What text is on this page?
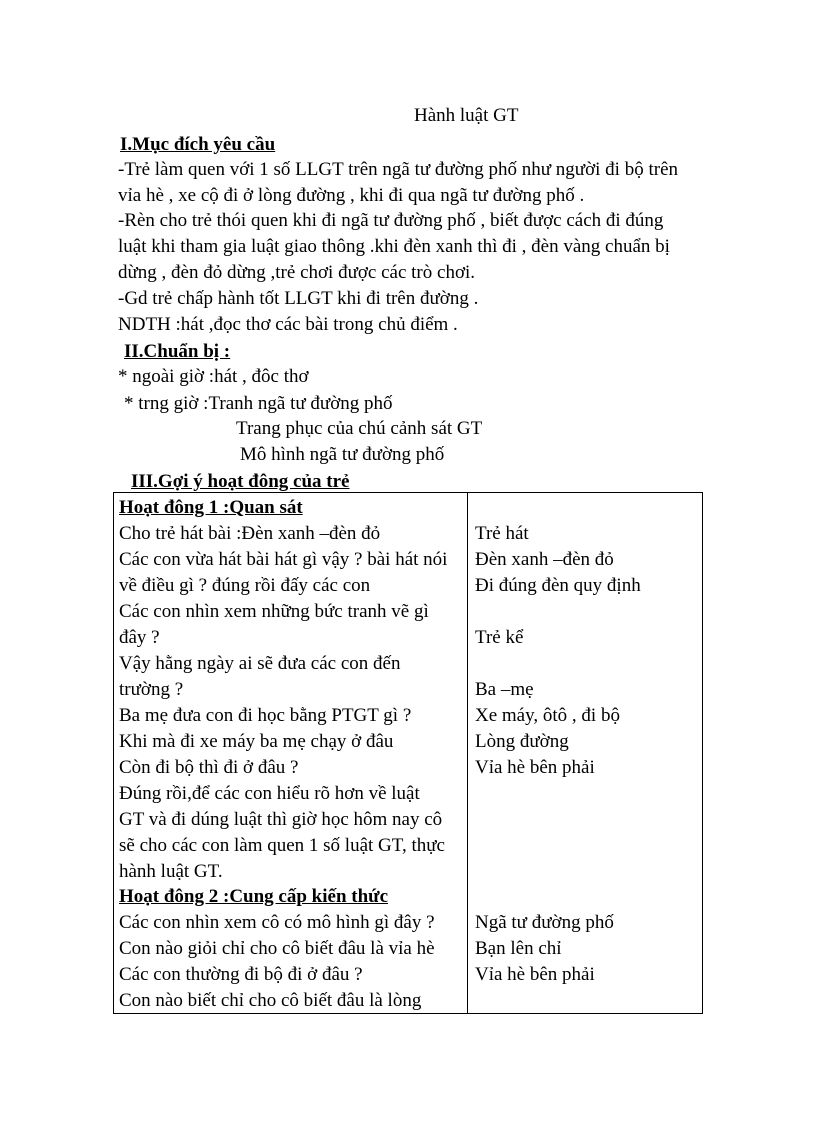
Hành luật GT
I.Mục đích yêu cầu
-Trẻ làm quen với 1 số LLGT trên ngã tư đường phố như người đi bộ trên
vỉa hè , xe cộ đi ở lòng đường , khi đi qua ngã tư đường phố .
-Rèn cho trẻ thói quen khi đi ngã tư đường phố , biết được cách đi đúng
luật khi tham gia luật giao thông .khi đèn xanh thì đi , đèn vàng chuẩn bị
dừng , đèn đỏ dừng ,trẻ chơi được các trò chơi.
-Gd trẻ chấp hành tốt LLGT khi đi trên đường .
NDTH :hát ,đọc thơ các bài trong chủ điểm .
II.Chuẩn bị :
* ngoài giờ :hát , đôc thơ
* trng giờ :Tranh ngã tư đường phố
Trang phục của chú cảnh sát GT
Mô hình ngã tư đường phố
III.Gợi ý hoạt đông của trẻ
Hoạt đông 1 :Quan sát
Cho trẻ hát bài :Đèn xanh –đèn đỏ
Các con vừa hát bài hát gì vậy ? bài hát nói
về điều gì ? đúng rồi đấy các con
Các con nhìn xem những bức tranh vẽ gì
đây ?
Vậy hằng ngày ai sẽ đưa các con đến
trường ?
Ba mẹ đưa con đi học bằng PTGT gì ?
Khi mà đi xe máy ba mẹ chạy ở đâu
Còn đi bộ thì đi ở đâu ?
Đúng rồi,để các con hiểu rõ hơn về luật
GT và đi dúng luật thì giờ học hôm nay cô
sẽ cho các con làm quen 1 số luật GT, thực
hành luật GT.
Trẻ hát
Đèn xanh –đèn đỏ
Đi đúng đèn quy định
Trẻ kể
Ba –mẹ
Xe máy, ôtô , đi bộ
Lòng đường
Vỉa hè bên phải
Hoạt đông 2 :Cung cấp kiến thức
Các con nhìn xem cô có mô hình gì đây ?
Con nào giỏi chỉ cho cô biết đâu là vỉa hè
Các con thường đi bộ đi ở đâu ?
Con nào biết chỉ cho cô biết đâu là lòng
Ngã tư đường phố
Bạn lên chỉ
Vỉa hè bên phải
